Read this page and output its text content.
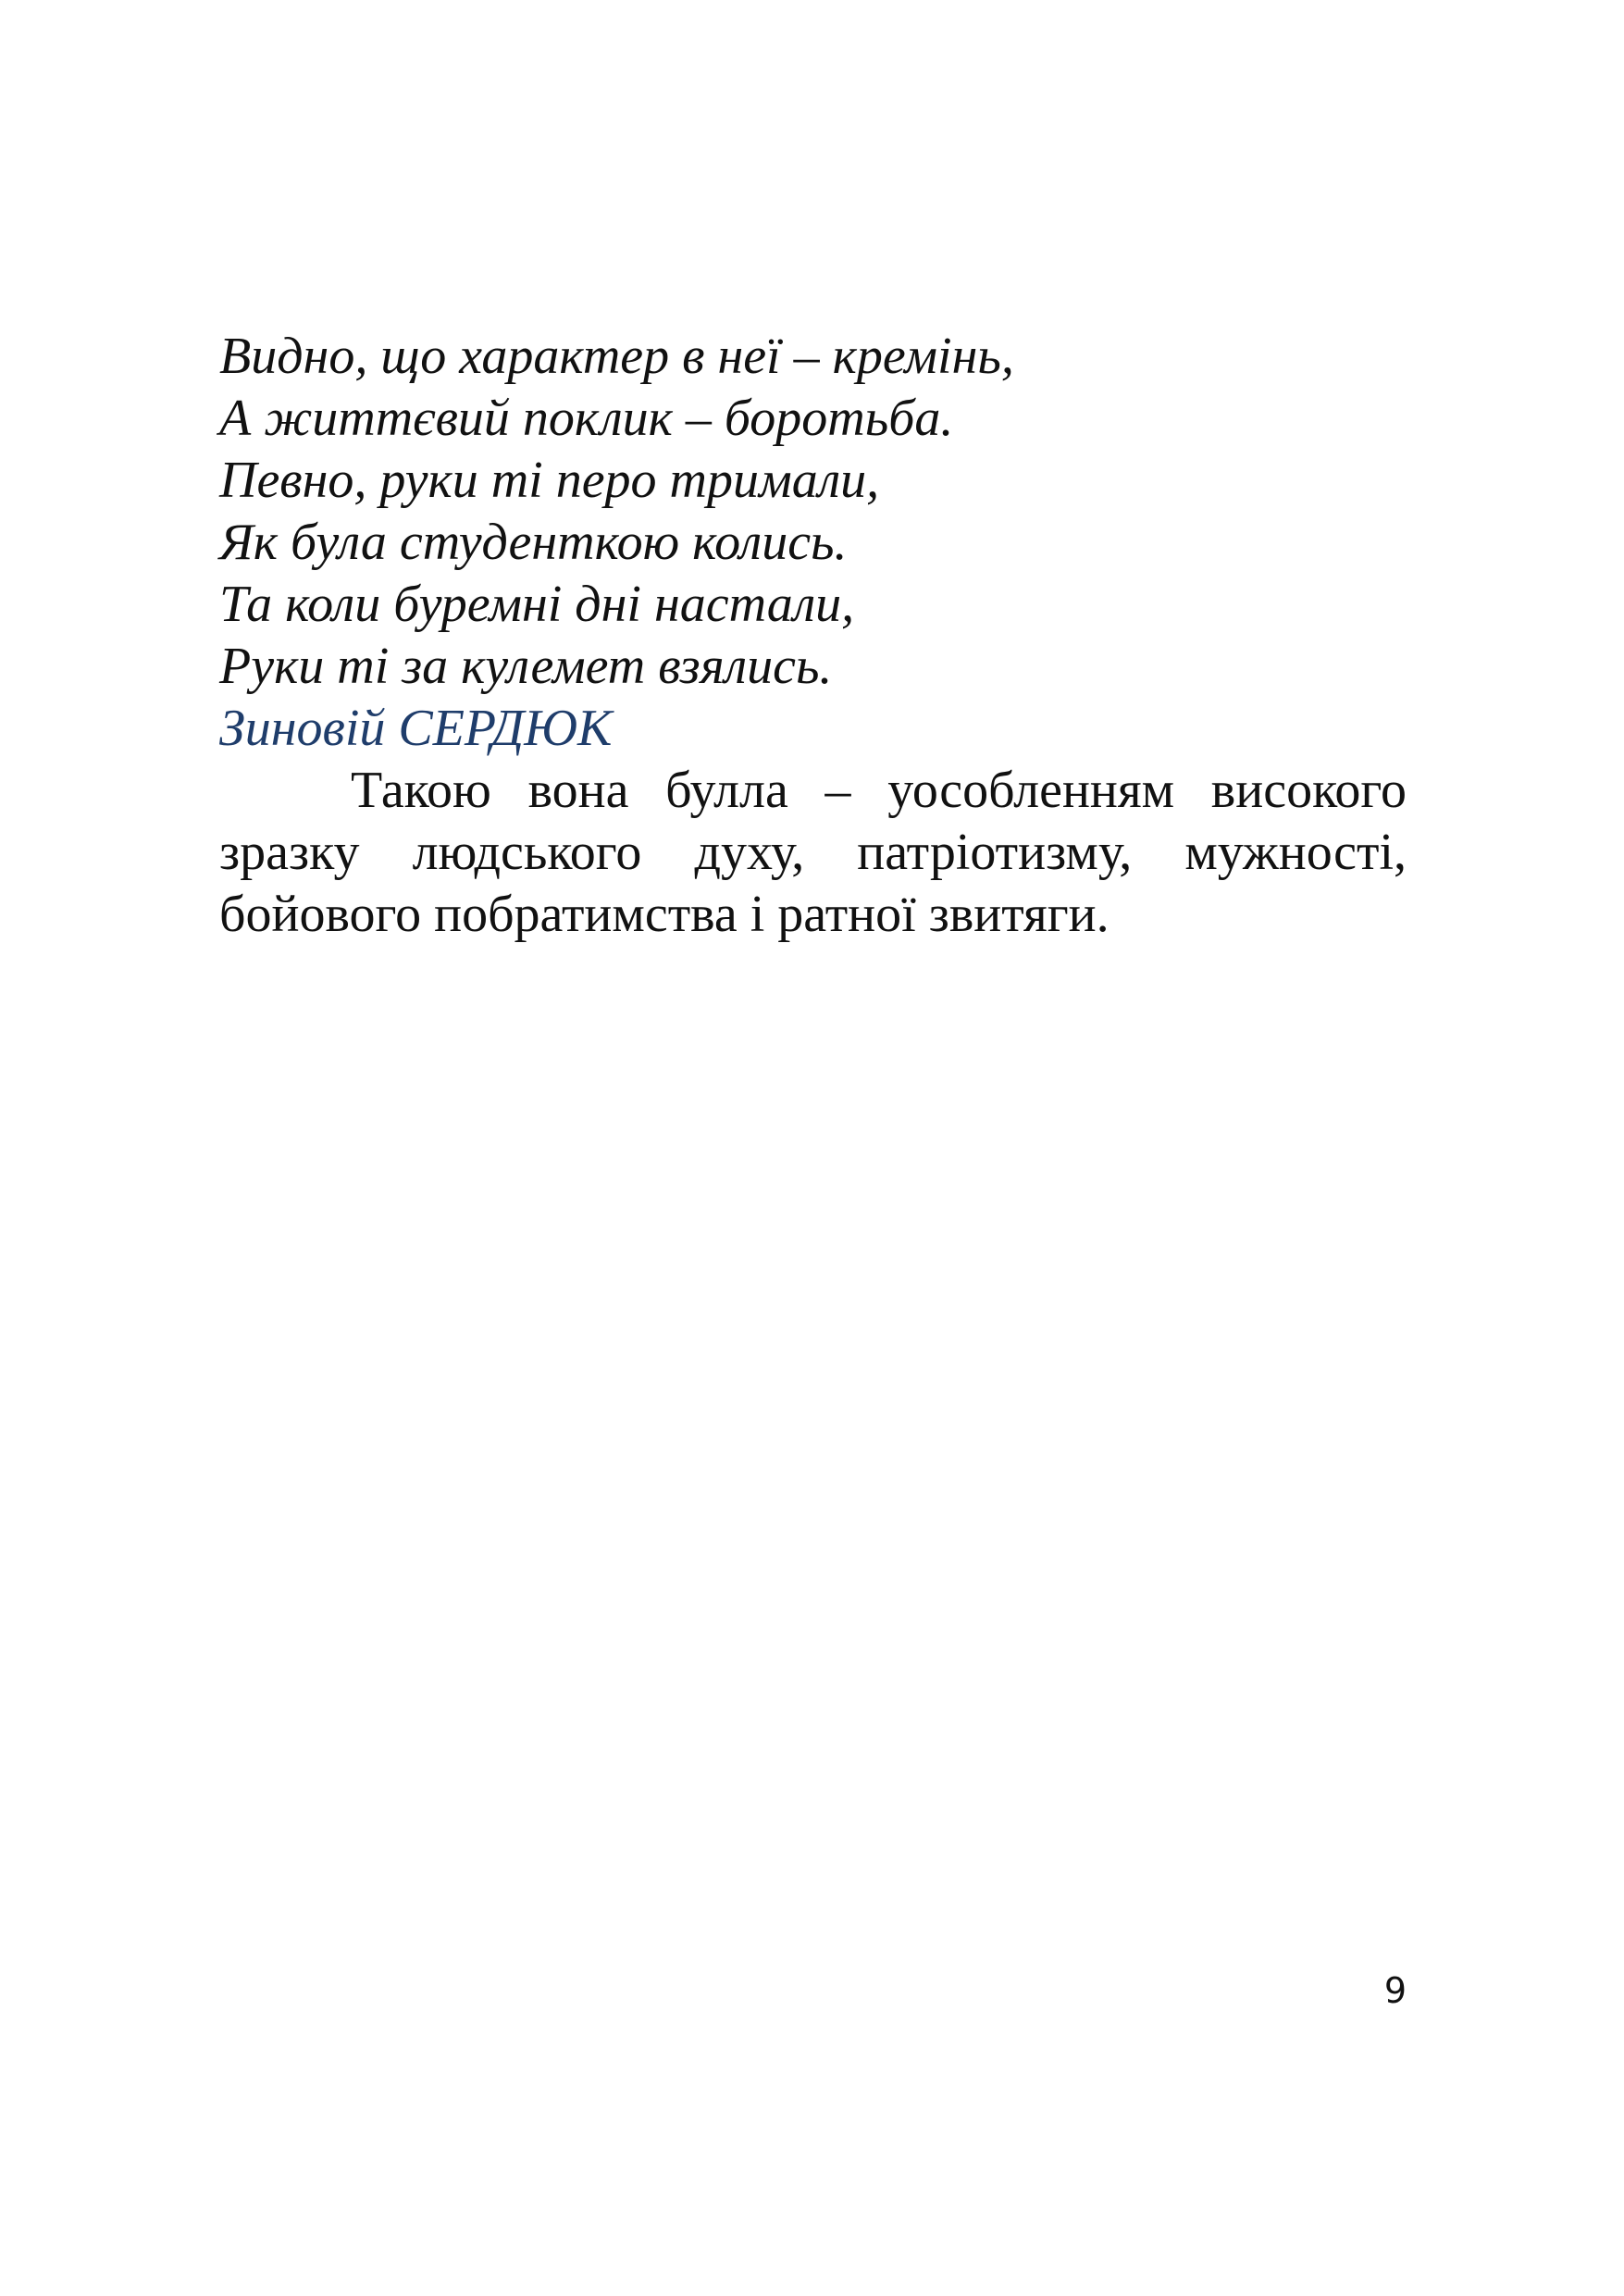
Видно, що характер в неї – кремінь,
А життєвий поклик – боротьба.
Певно, руки ті перо тримали,
Як була студенткою колись.
Та коли буремні дні настали,
Руки ті за кулемет взялись.
Зиновій СЕРДЮК

Такою вона булла – уособленням високого зразку людського духу, патріотизму, мужності, бойового побратимства і ратної звитяги.

9
